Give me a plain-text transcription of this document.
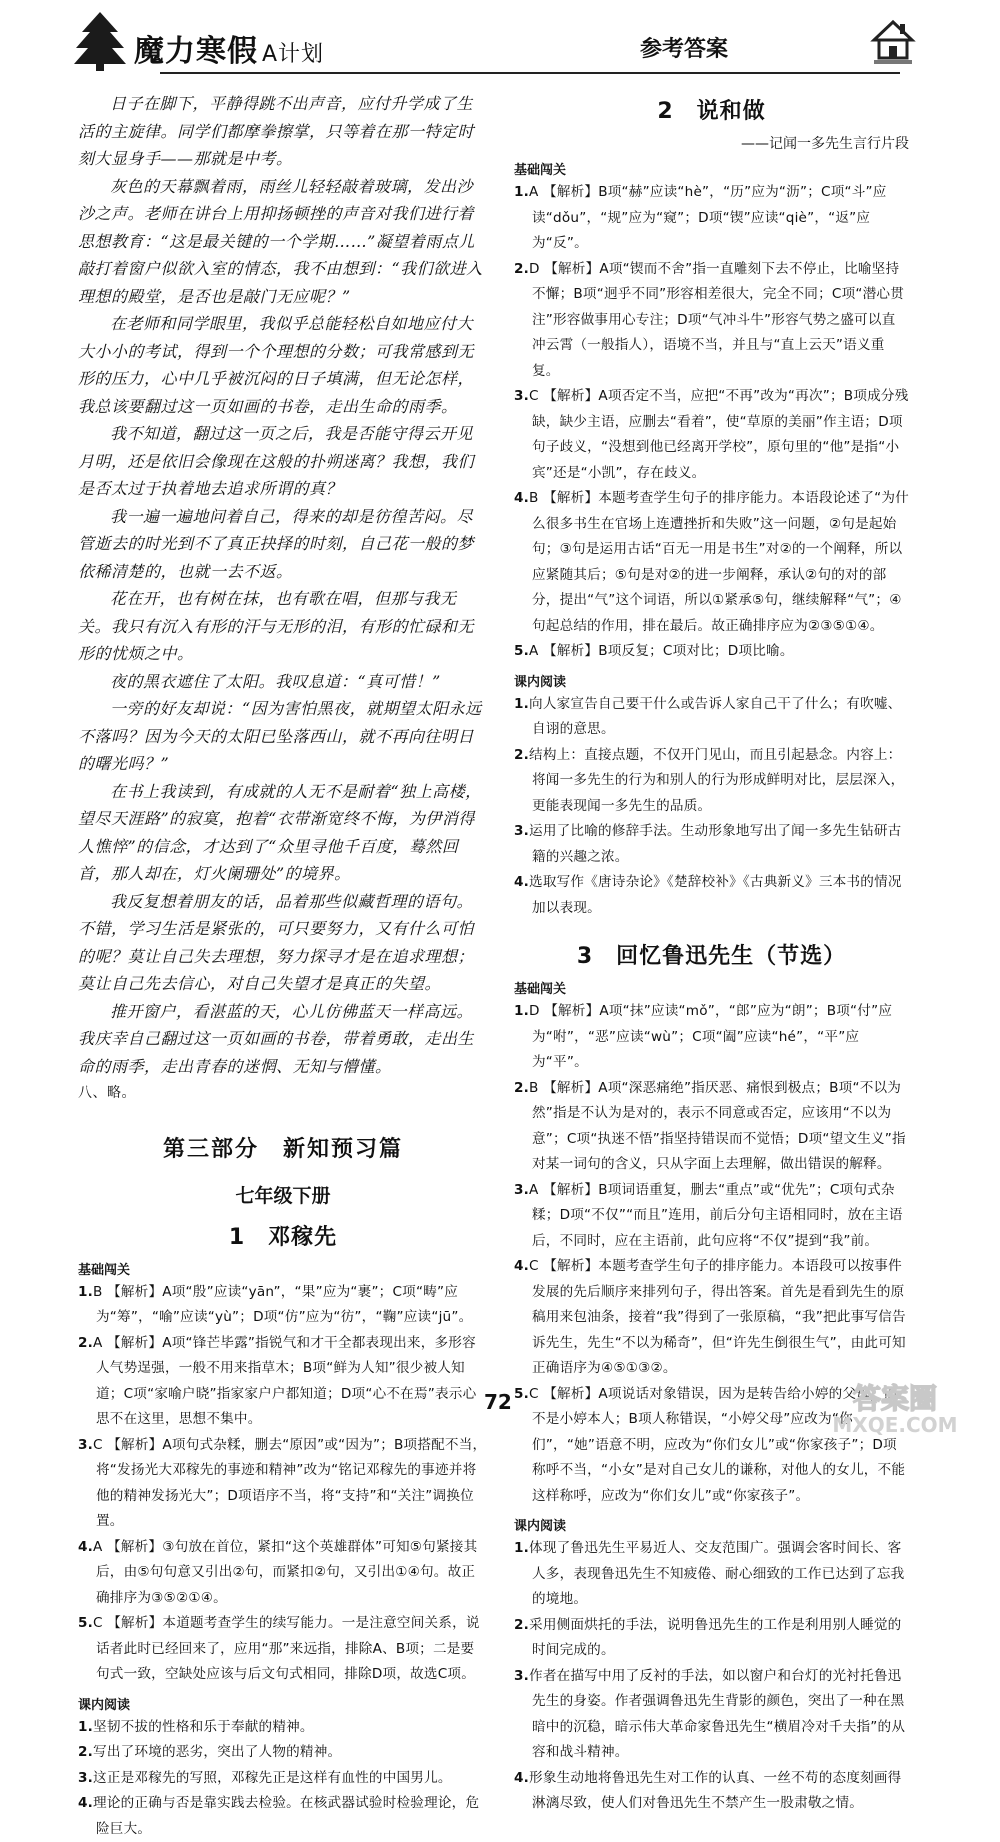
魔力寒假 A计划	参考答案

日子在脚下，平静得跳不出声音，应付升学成了生活的主旋律。同学们都摩拳擦掌，只等着在那一特定时刻大显身手——那就是中考。

灰色的天幕飘着雨，雨丝儿轻轻敲着玻璃，发出沙沙之声。老师在讲台上用抑扬顿挫的声音对我们进行着思想教育：“这是最关键的一个学期……”凝望着雨点儿敲打着窗户似欲入室的情态，我不由想到：“我们欲进入理想的殿堂，是否也是敲门无应呢？”

在老师和同学眼里，我似乎总能轻松自如地应付大大小小的考试，得到一个个理想的分数；可我常感到无形的压力，心中几乎被沉闷的日子填满，但无论怎样，我总该要翻过这一页如画的书卷，走出生命的雨季。

我不知道，翻过这一页之后，我是否能守得云开见月明，还是依旧会像现在这般的扑朔迷离？我想，我们是否太过于执着地去追求所谓的真？

我一遍一遍地问着自己，得来的却是彷徨苦闷。尽管逝去的时光到不了真正抉择的时刻，自己花一般的梦依稀清楚的，也就一去不返。

花在开，也有树在抹，也有歌在唱，但那与我无关。我只有沉入有形的汗与无形的泪，有形的忙碌和无形的忧烦之中。

夜的黑衣遮住了太阳。我叹息道：“真可惜！”

一旁的好友却说：“因为害怕黑夜，就期望太阳永远不落吗？因为今天的太阳已坠落西山，就不再向往明日的曙光吗？”

在书上我读到，有成就的人无不是耐着“独上高楼，望尽天涯路”的寂寞，抱着“衣带渐宽终不悔，为伊消得人憔悴”的信念，才达到了“众里寻他千百度，蓦然回首，那人却在，灯火阑珊处”的境界。

我反复想着朋友的话，品着那些似藏哲理的语句。不错，学习生活是紧张的，可只要努力，又有什么可怕的呢？莫让自己失去理想，努力探寻才是在追求理想；莫让自己先去信心，对自己失望才是真正的失望。

推开窗户，看湛蓝的天，心儿仿佛蓝天一样高远。我庆幸自己翻过这一页如画的书卷，带着勇敢，走出生命的雨季，走出青春的迷惘、无知与懵懂。

八、略。

第三部分　新知预习篇
七年级下册
1　邓稼先
基础闯关

1.B 【解析】A项“殷”应读“yān”，“果”应为“裹”；C项“畴”应为“筹”，“喻”应读“yù”；D项“仿”应为“彷”，“鞠”应读“jū”。

2.A 【解析】A项“锋芒毕露”指锐气和才干全都表现出来，多形容人气势逞强，一般不用来指草木；B项“鲜为人知”很少被人知道；C项“家喻户晓”指家家户户都知道；D项“心不在焉”表示心思不在这里，思想不集中。

3.C 【解析】A项句式杂糅，删去“原因”或“因为”；B项搭配不当，将“发扬光大邓稼先的事迹和精神”改为“铭记邓稼先的事迹并将他的精神发扬光大”；D项语序不当，将“支持”和“关注”调换位置。

4.A 【解析】③句放在首位，紧扣“这个英雄群体”可知⑤句紧接其后，由⑤句句意又引出②句，而紧扣②句，又引出①④句。故正确排序为③⑤②①④。

5.C 【解析】本道题考查学生的续写能力。一是注意空间关系，说话者此时已经回来了，应用“那”来远指，排除A、B项；二是要句式一致，空缺处应该与后文句式相同，排除D项，故选C项。

课内阅读

1.坚韧不拔的性格和乐于奉献的精神。

2.写出了环境的恶劣，突出了人物的精神。

3.这正是邓稼先的写照，邓稼先正是这样有血性的中国男儿。

4.理论的正确与否是靠实践去检验。在核武器试验时检验理论，危险巨大。

2　说和做
——记闻一多先生言行片段
基础闯关

1.A 【解析】B项“赫”应读“hè”，“历”应为“沥”；C项“斗”应读“dǒu”，“规”应为“窥”；D项“锲”应读“qiè”，“返”应为“反”。

2.D 【解析】A项“锲而不舍”指一直雕刻下去不停止，比喻坚持不懈；B项“迥乎不同”形容相差很大，完全不同；C项“潜心贯注”形容做事用心专注；D项“气冲斗牛”形容气势之盛可以直冲云霄（一般指人），语境不当，并且与“直上云天”语义重复。

3.C 【解析】A项否定不当，应把“不再”改为“再次”；B项成分残缺，缺少主语，应删去“看着”，使“草原的美丽”作主语；D项句子歧义，“没想到他已经离开学校”，原句里的“他”是指“小宾”还是“小凯”，存在歧义。

4.B 【解析】本题考查学生句子的排序能力。本语段论述了“为什么很多书生在官场上连遭挫折和失败”这一问题，②句是起始句；③句是运用古话“百无一用是书生”对②的一个阐释，所以应紧随其后；⑤句是对②的进一步阐释，承认②句的对的部分，提出“气”这个词语，所以①紧承⑤句，继续解释“气”；④句起总结的作用，排在最后。故正确排序应为②③⑤①④。

5.A 【解析】B项反复；C项对比；D项比喻。

课内阅读

1.向人家宣告自己要干什么或告诉人家自己干了什么；有吹嘘、自诩的意思。

2.结构上：直接点题，不仅开门见山，而且引起悬念。内容上：将闻一多先生的行为和别人的行为形成鲜明对比，层层深入，更能表现闻一多先生的品质。

3.运用了比喻的修辞手法。生动形象地写出了闻一多先生钻研古籍的兴趣之浓。

4.选取写作《唐诗杂论》《楚辞校补》《古典新义》三本书的情况加以表现。

3　回忆鲁迅先生（节选）
基础闯关

1.D 【解析】A项“抹”应读“mǒ”，“郎”应为“朗”；B项“付”应为“咐”，“恶”应读“wù”；C项“阖”应读“hé”，“平”应为“平”。

2.B 【解析】A项“深恶痛绝”指厌恶、痛恨到极点；B项“不以为然”指是不认为是对的，表示不同意或否定，应该用“不以为意”；C项“执迷不悟”指坚持错误而不觉悟；D项“望文生义”指对某一词句的含义，只从字面上去理解，做出错误的解释。

3.A 【解析】B项词语重复，删去“重点”或“优先”；C项句式杂糅；D项“不仅”“而且”连用，前后分句主语相同时，放在主语后，不同时，应在主语前，此句应将“不仅”提到“我”前。

4.C 【解析】本题考查学生句子的排序能力。本语段可以按事件发展的先后顺序来排列句子，得出答案。首先是看到先生的原稿用来包油条，接着“我”得到了一张原稿，“我”把此事写信告诉先生，先生“不以为稀奇”，但“许先生倒很生气”，由此可知正确语序为④⑤①③②。

5.C 【解析】A项说话对象错误，因为是转告给小婷的父母，而不是小婷本人；B项人称错误，“小婷父母”应改为“你们”，“她”语意不明，应改为“你们女儿”或“你家孩子”；D项称呼不当，“小女”是对自己女儿的谦称，对他人的女儿，不能这样称呼，应改为“你们女儿”或“你家孩子”。

课内阅读

1.体现了鲁迅先生平易近人、交友范围广。强调会客时间长、客人多，表现鲁迅先生不知疲倦、耐心细致的工作已达到了忘我的境地。

2.采用侧面烘托的手法，说明鲁迅先生的工作是利用别人睡觉的时间完成的。

3.作者在描写中用了反衬的手法，如以窗户和台灯的光衬托鲁迅先生的身姿。作者强调鲁迅先生背影的颜色，突出了一种在黑暗中的沉稳，暗示伟大革命家鲁迅先生“横眉冷对千夫指”的从容和战斗精神。

4.形象生动地将鲁迅先生对工作的认真、一丝不苟的态度刻画得淋漓尽致，使人们对鲁迅先生不禁产生一股肃敬之情。

72	答案圈
MXQE.COM
